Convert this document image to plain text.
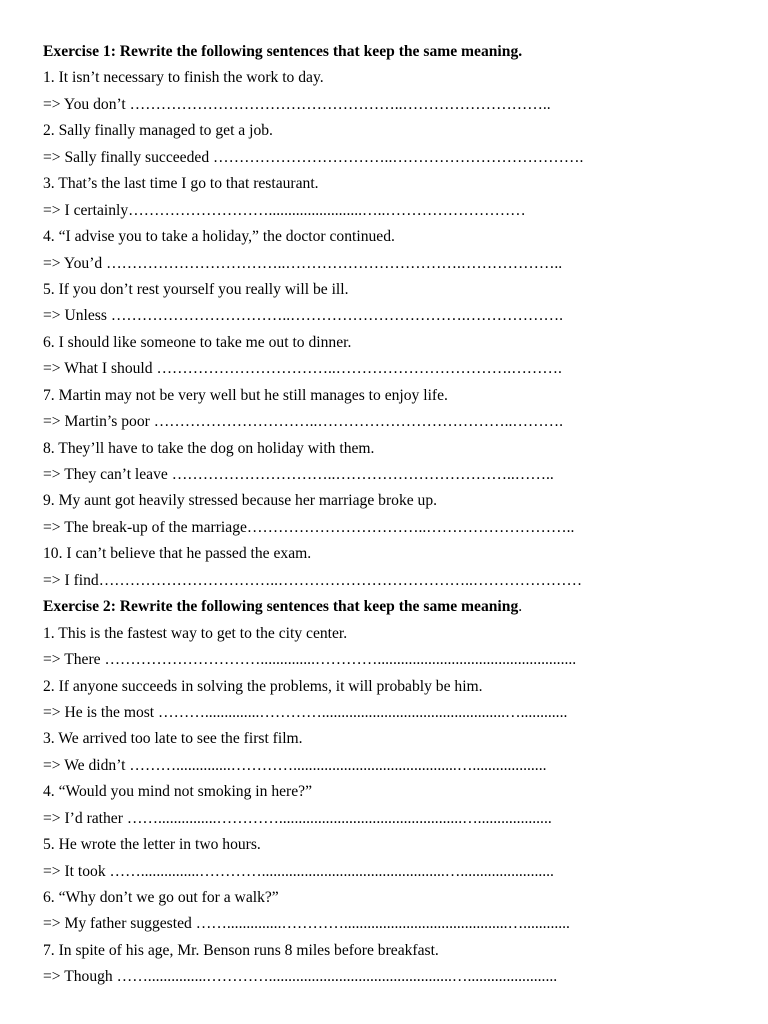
Exercise 1: Rewrite the following sentences that keep the same meaning.
1. It isn’t necessary to finish the work to day.
=> You don’t ……………………………………………..………………………..
2. Sally finally managed to get a job.
=> Sally finally succeeded ……………………………..……………………………….
3. That’s the last time I go to that restaurant.
=> I certainly………………………........................…..………………………
4. “I advise you to take a holiday,” the doctor continued.
=> You’d ……………………………..…………………………….………………..
5. If you don’t rest yourself you really will be ill.
=> Unless ……………………………..…………………………….……………….
6. I should like someone to take me out to dinner.
=> What I should ……………………………..…………………………….……….
7. Martin may not be very well but he still manages to enjoy life.
=> Martin’s poor …………………………..………………………………..……….
8. They’ll have to take the dog on holiday with them.
=> They can’t leave …………………………..……………………………..……..
9. My aunt got heavily stressed because her marriage broke up.
=> The break-up of the marriage……………………………..………………………..
10. I can’t believe that he passed the exam.
=> I find……………………………..………………………………..…………………
Exercise 2: Rewrite the following sentences that keep the same meaning.
1. This is the fastest way to get to the city center.
=> There …………………………..............…………...................................................
2. If anyone succeeds in solving the problems, it will probably be him.
=> He is the most ………..............…………...............................................…............
3. We arrived too late to see the first film.
=> We didn’t ………..............…………..........................................…...................
4. “Would you mind not smoking in here?”
=> I’d rather ……...............…………...............................................…...................
5. He wrote the letter in two hours.
=> It took ……...............…………...............................................…........................
6. “Why don’t we go out for a walk?”
=> My father suggested ……..............…………..........................................…............
7. In spite of his age, Mr. Benson runs 8 miles before breakfast.
=> Though ……...............…………...............................................….......................
